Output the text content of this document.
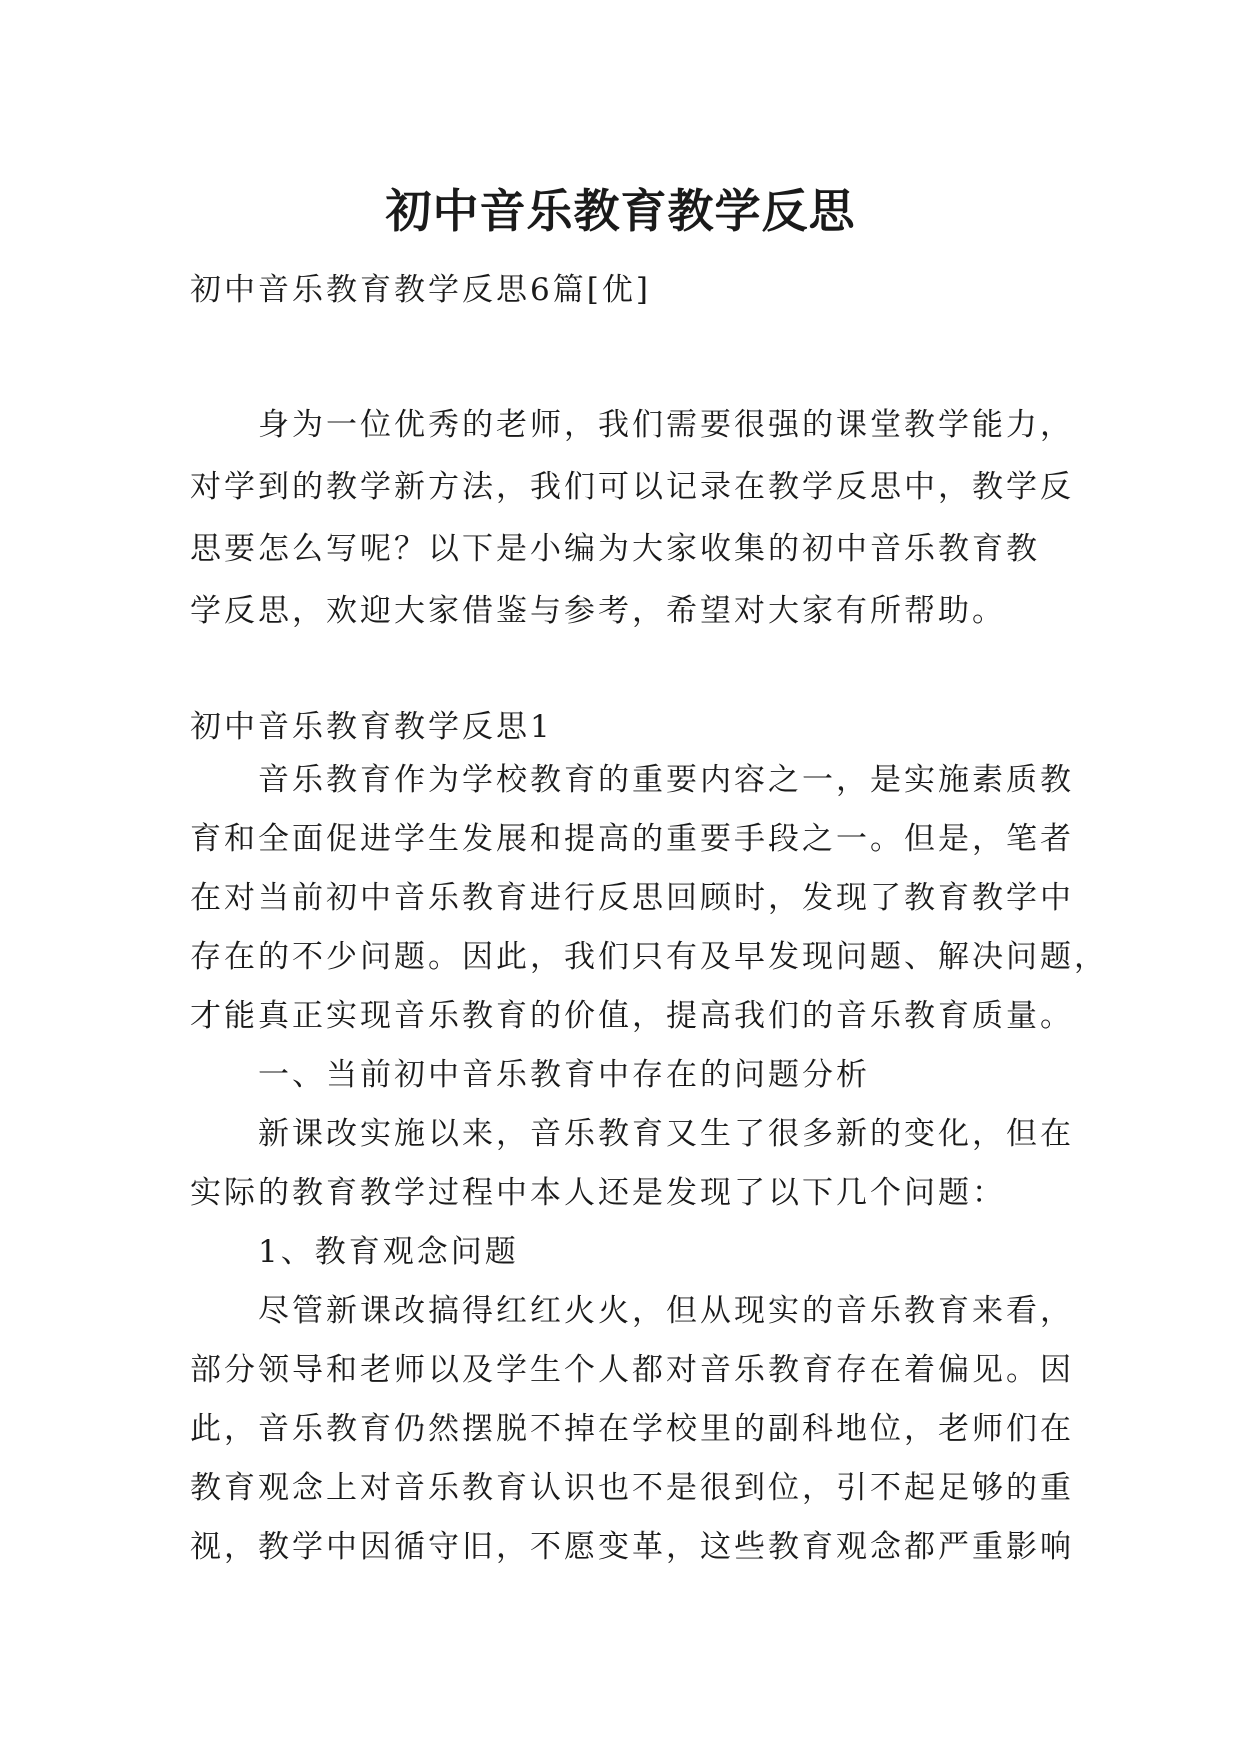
初中音乐教育教学反思

初中音乐教育教学反思6篇[优]

身为一位优秀的老师，我们需要很强的课堂教学能力，

对学到的教学新方法，我们可以记录在教学反思中，教学反

思要怎么写呢？以下是小编为大家收集的初中音乐教育教

学反思，欢迎大家借鉴与参考，希望对大家有所帮助。

初中音乐教育教学反思1

音乐教育作为学校教育的重要内容之一，是实施素质教

育和全面促进学生发展和提高的重要手段之一。但是，笔者

在对当前初中音乐教育进行反思回顾时，发现了教育教学中

存在的不少问题。因此，我们只有及早发现问题、解决问题，

才能真正实现音乐教育的价值，提高我们的音乐教育质量。

一、当前初中音乐教育中存在的问题分析

新课改实施以来，音乐教育又生了很多新的变化，但在

实际的教育教学过程中本人还是发现了以下几个问题：

1、教育观念问题

尽管新课改搞得红红火火，但从现实的音乐教育来看，

部分领导和老师以及学生个人都对音乐教育存在着偏见。因

此，音乐教育仍然摆脱不掉在学校里的副科地位，老师们在

教育观念上对音乐教育认识也不是很到位，引不起足够的重

视，教学中因循守旧，不愿变革，这些教育观念都严重影响
